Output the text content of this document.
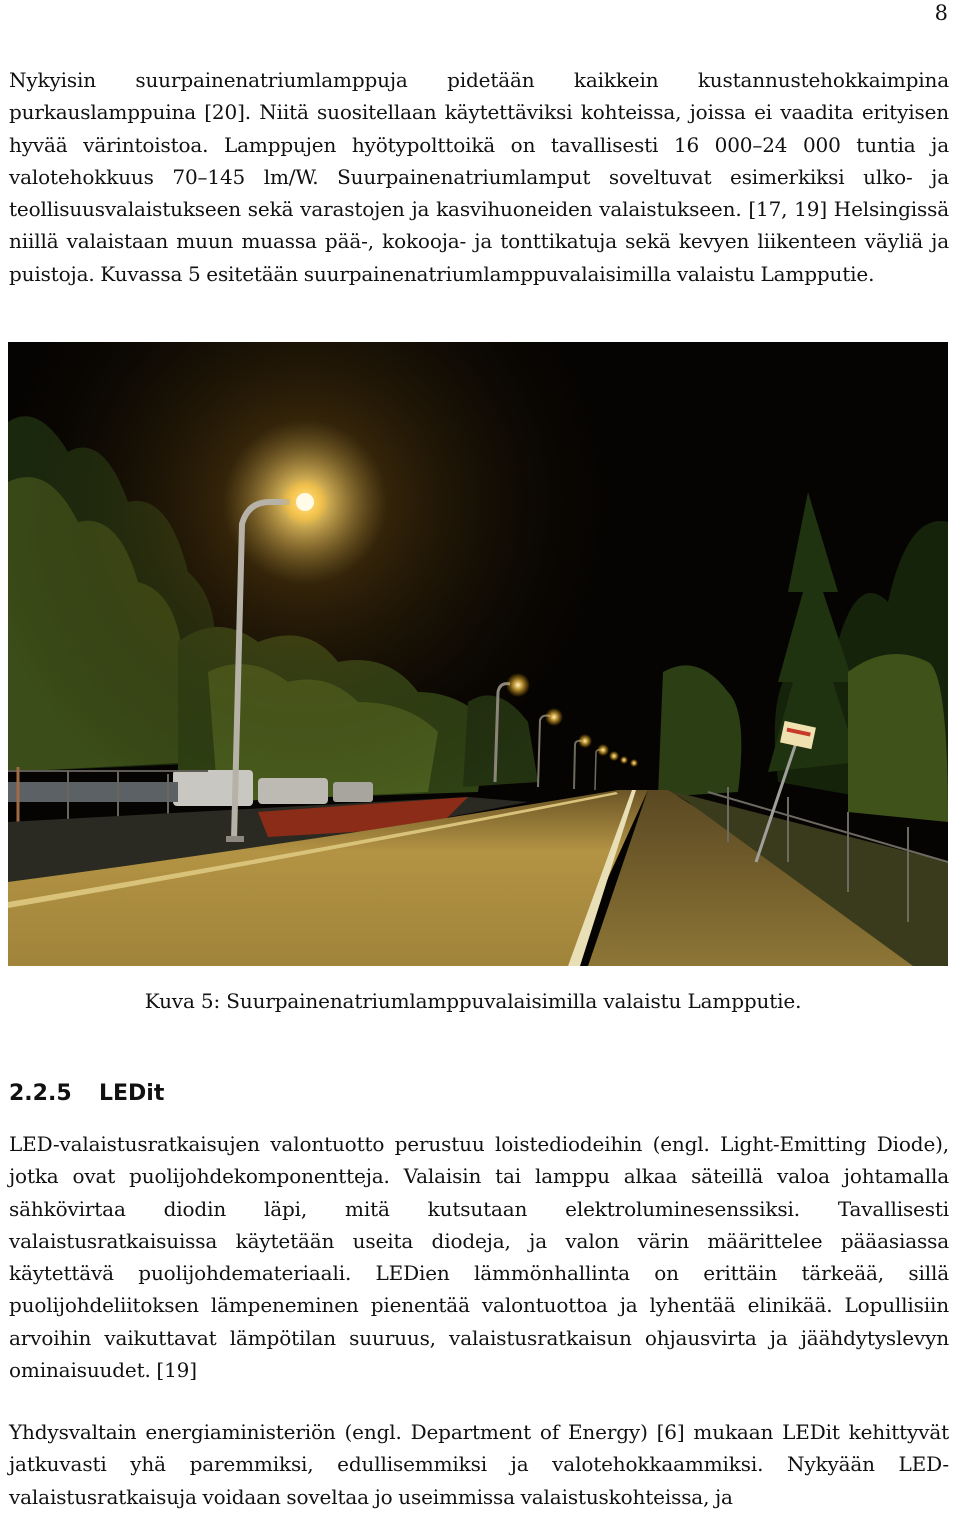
8

Nykyisin suurpainenatriumlamppuja pidetään kaikkein kustannustehokkaimpina purkauslamppuina [20]. Niitä suositellaan käytettäviksi kohteissa, joissa ei vaadita erityisen hyvää värintoistoa. Lamppujen hyötypolttoikä on tavallisesti 16 000–24 000 tuntia ja valotehokkuus 70–145 lm/W. Suurpainenatriumlamput soveltuvat esimerkiksi ulko- ja teollisuusvalaistukseen sekä varastojen ja kasvihuoneiden valaistukseen. [17, 19] Helsingissä niillä valaistaan muun muassa pää-, kokooja- ja tonttikatuja sekä kevyen liikenteen väyliä ja puistoja. Kuvassa 5 esitetään suurpainenatriumlamppuvalaisimilla valaistu Lampputie.

Kuva 5: Suurpainenatriumlamppuvalaisimilla valaistu Lampputie.
2.2.5 LEDit

LED-valaistusratkaisujen valontuotto perustuu loistediodeihin (engl. Light-Emitting Diode), jotka ovat puolijohdekomponentteja. Valaisin tai lamppu alkaa säteillä valoa johtamalla sähkövirtaa diodin läpi, mitä kutsutaan elektroluminesenssiksi. Tavallisesti valaistusratkaisuissa käytetään useita diodeja, ja valon värin määrittelee pääasiassa käytettävä puolijohdemateriaali. LEDien lämmönhallinta on erittäin tärkeää, sillä puolijohdeliitoksen lämpeneminen pienentää valontuottoa ja lyhentää elinikää. Lopullisiin arvoihin vaikuttavat lämpötilan suuruus, valaistusratkaisun ohjausvirta ja jäähdytyslevyn ominaisuudet. [19]

Yhdysvaltain energiaministeriön (engl. Department of Energy) [6] mukaan LEDit kehittyvät jatkuvasti yhä paremmiksi, edullisemmiksi ja valotehokkaammiksi. Nykyään LED-valaistusratkaisuja voidaan soveltaa jo useimmissa valaistuskohteissa, ja
